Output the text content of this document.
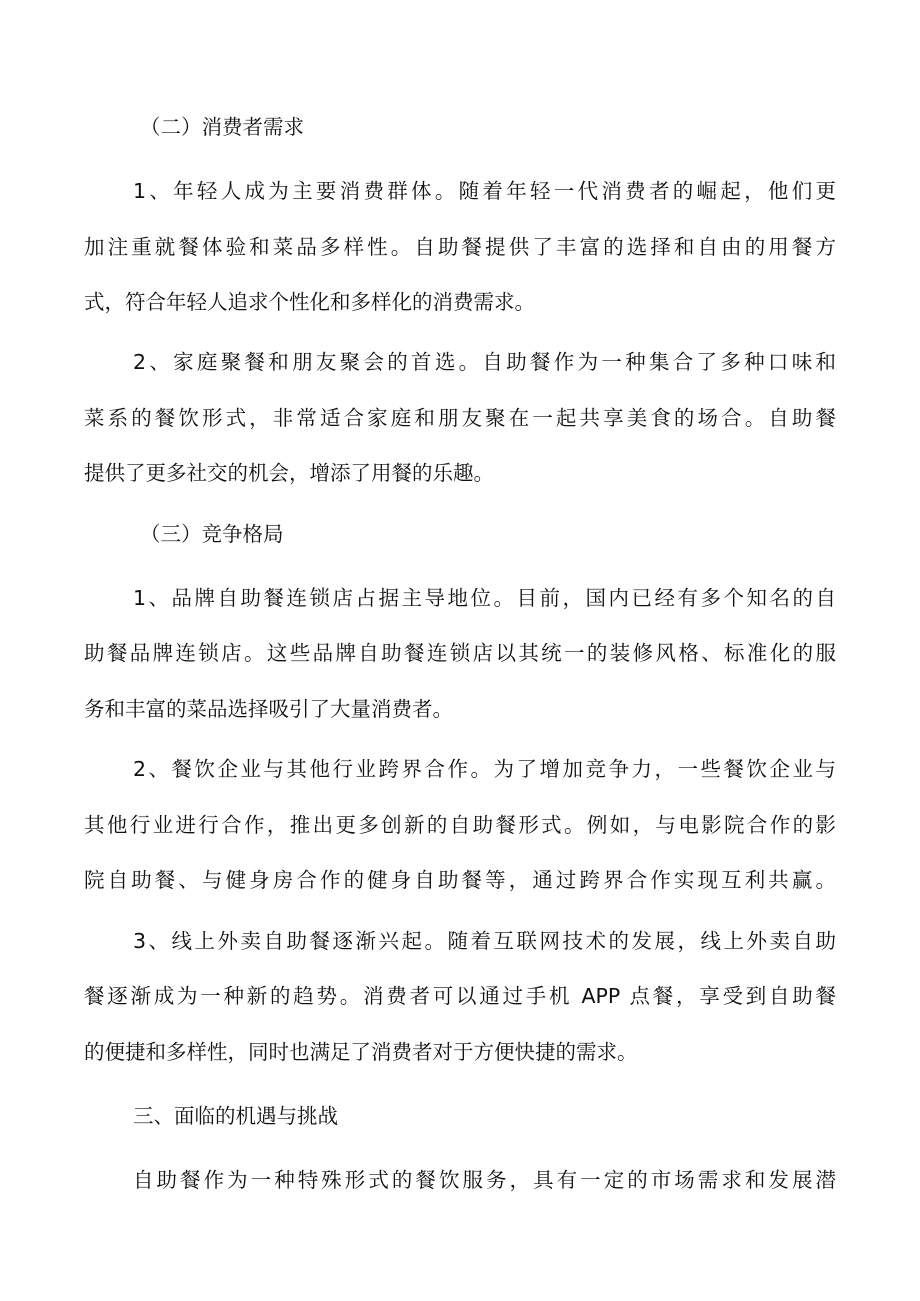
（二）消费者需求
1、年轻人成为主要消费群体。随着年轻一代消费者的崛起，他们更
加注重就餐体验和菜品多样性。自助餐提供了丰富的选择和自由的用餐方
式，符合年轻人追求个性化和多样化的消费需求。
2、家庭聚餐和朋友聚会的首选。自助餐作为一种集合了多种口味和
菜系的餐饮形式，非常适合家庭和朋友聚在一起共享美食的场合。自助餐
提供了更多社交的机会，增添了用餐的乐趣。
（三）竞争格局
1、品牌自助餐连锁店占据主导地位。目前，国内已经有多个知名的自
助餐品牌连锁店。这些品牌自助餐连锁店以其统一的装修风格、标准化的服
务和丰富的菜品选择吸引了大量消费者。
2、餐饮企业与其他行业跨界合作。为了增加竞争力，一些餐饮企业与
其他行业进行合作，推出更多创新的自助餐形式。例如，与电影院合作的影
院自助餐、与健身房合作的健身自助餐等，通过跨界合作实现互利共赢。
3、线上外卖自助餐逐渐兴起。随着互联网技术的发展，线上外卖自助
餐逐渐成为一种新的趋势。消费者可以通过手机 APP 点餐，享受到自助餐
的便捷和多样性，同时也满足了消费者对于方便快捷的需求。
三、面临的机遇与挑战
自助餐作为一种特殊形式的餐饮服务，具有一定的市场需求和发展潜
